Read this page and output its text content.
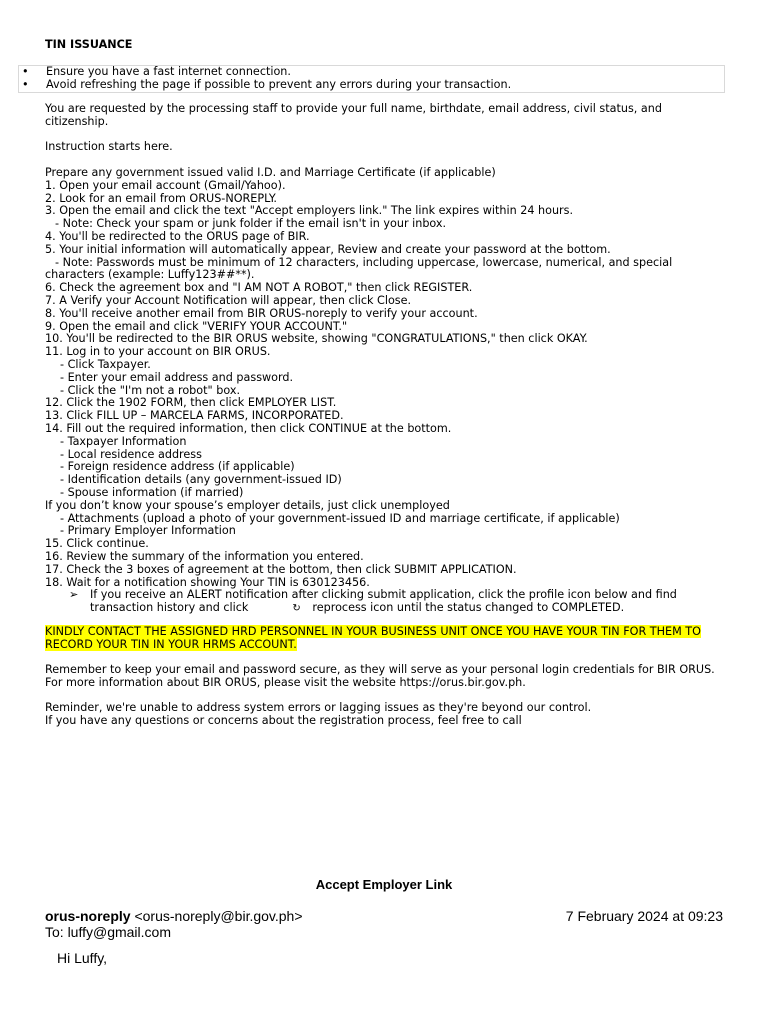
TIN ISSUANCE
• Ensure you have a fast internet connection.
• Avoid refreshing the page if possible to prevent any errors during your transaction.
You are requested by the processing staff to provide your full name, birthdate, email address, civil status, and citizenship.
Instruction starts here.
Prepare any government issued valid I.D. and Marriage Certificate (if applicable)
1. Open your email account (Gmail/Yahoo).
2. Look for an email from ORUS-NOREPLY.
3. Open the email and click the text "Accept employers link." The link expires within 24 hours.
- Note: Check your spam or junk folder if the email isn't in your inbox.
4. You'll be redirected to the ORUS page of BIR.
5. Your initial information will automatically appear, Review and create your password at the bottom.
- Note: Passwords must be minimum of 12 characters, including uppercase, lowercase, numerical, and special characters (example: Luffy123##**).
6. Check the agreement box and "I AM NOT A ROBOT," then click REGISTER.
7. A Verify your Account Notification will appear, then click Close.
8. You'll receive another email from BIR ORUS-noreply to verify your account.
9. Open the email and click "VERIFY YOUR ACCOUNT."
10. You'll be redirected to the BIR ORUS website, showing "CONGRATULATIONS," then click OKAY.
11. Log in to your account on BIR ORUS.
- Click Taxpayer.
- Enter your email address and password.
- Click the "I'm not a robot" box.
12. Click the 1902 FORM, then click EMPLOYER LIST.
13. Click FILL UP – MARCELA FARMS, INCORPORATED.
14. Fill out the required information, then click CONTINUE at the bottom.
- Taxpayer Information
- Local residence address
- Foreign residence address (if applicable)
- Identification details (any government-issued ID)
- Spouse information (if married)
If you don’t know your spouse’s employer details, just click unemployed
- Attachments (upload a photo of your government-issued ID and marriage certificate, if applicable)
- Primary Employer Information
15. Click continue.
16. Review the summary of the information you entered.
17. Check the 3 boxes of agreement at the bottom, then click SUBMIT APPLICATION.
18. Wait for a notification showing Your TIN is 630123456.
➢ If you receive an ALERT notification after clicking submit application, click the profile icon below and find transaction history and click	↻ reprocess icon until the status changed to COMPLETED.
KINDLY CONTACT THE ASSIGNED HRD PERSONNEL IN YOUR BUSINESS UNIT ONCE YOU HAVE YOUR TIN FOR THEM TO RECORD YOUR TIN IN YOUR HRMS ACCOUNT.
Remember to keep your email and password secure, as they will serve as your personal login credentials for BIR ORUS. For more information about BIR ORUS, please visit the website https://orus.bir.gov.ph.
Reminder, we're unable to address system errors or lagging issues as they're beyond our control.
If you have any questions or concerns about the registration process, feel free to call
Accept Employer Link
orus-noreply <orus-noreply@bir.gov.ph>	7 February 2024 at 09:23
To: luffy@gmail.com
Hi Luffy,
